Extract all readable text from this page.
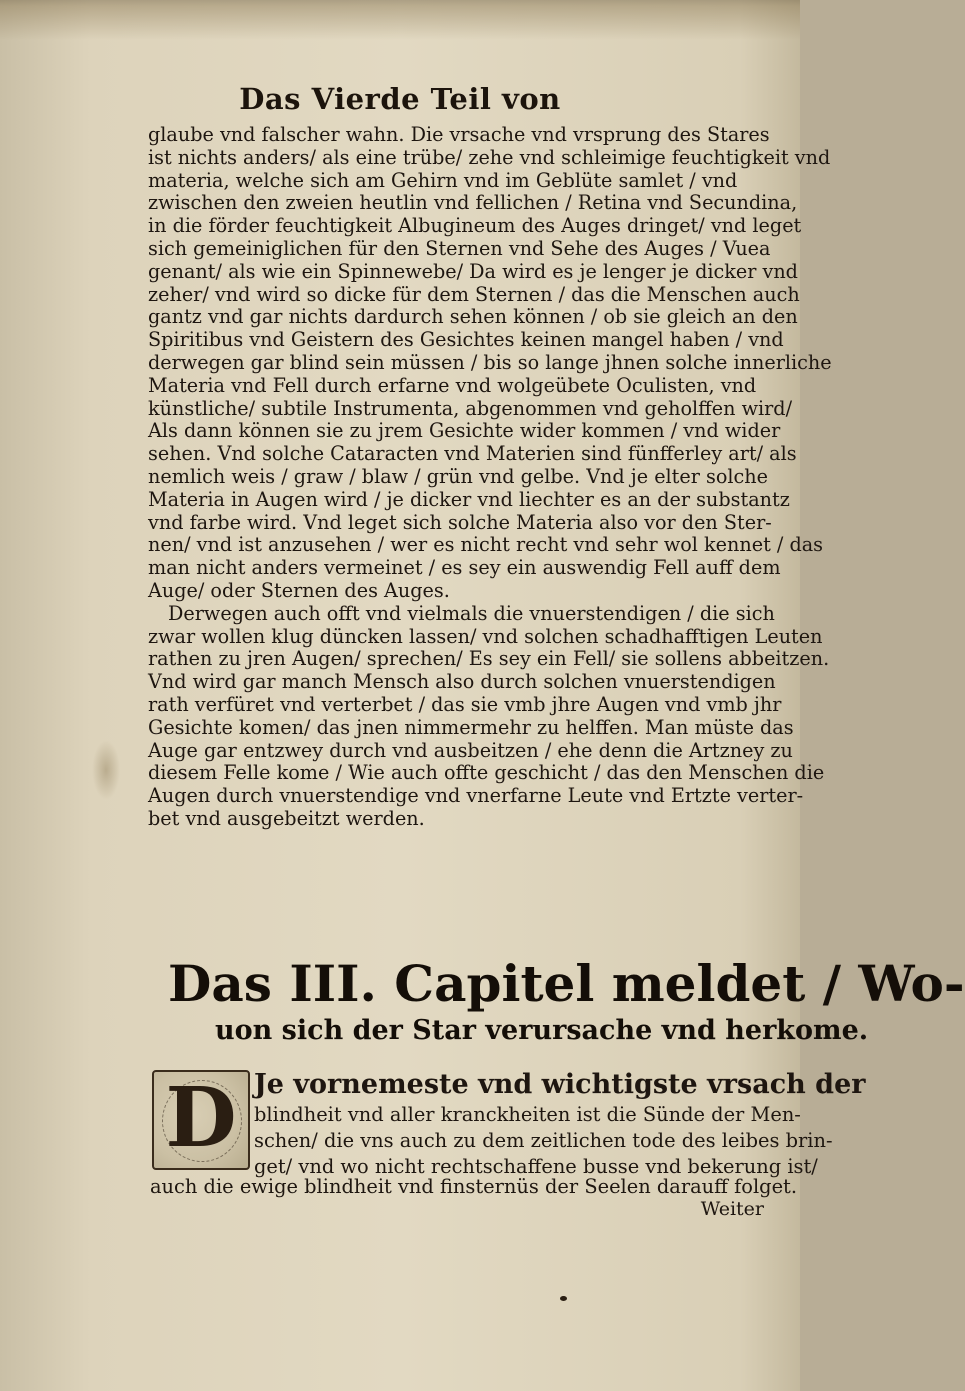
Das Vierde Teil von
glaube vnd falscher wahn. Die vrsache vnd vrsprung des Stares
ist nichts anders/ als eine trübe/ zehe vnd schleimige feuchtigkeit vnd
materia, welche sich am Gehirn vnd im Geblüte samlet / vnd
zwischen den zweien heutlin vnd fellichen / Retina vnd Secundina,
in die förder feuchtigkeit Albugineum des Auges dringet/ vnd leget
sich gemeiniglichen für den Sternen vnd Sehe des Auges / Vuea
genant/ als wie ein Spinnewebe/ Da wird es je lenger je dicker vnd
zeher/ vnd wird so dicke für dem Sternen / das die Menschen auch
gantz vnd gar nichts dardurch sehen können / ob sie gleich an den
Spiritibus vnd Geistern des Gesichtes keinen mangel haben / vnd
derwegen gar blind sein müssen / bis so lange jhnen solche innerliche
Materia vnd Fell durch erfarne vnd wolgeübete Oculisten, vnd
künstliche/ subtile Instrumenta, abgenommen vnd geholffen wird/
Als dann können sie zu jrem Gesichte wider kommen / vnd wider
sehen. Vnd solche Cataracten vnd Materien sind fünfferley art/ als
nemlich weis / graw / blaw / grün vnd gelbe. Vnd je elter solche
Materia in Augen wird / je dicker vnd liechter es an der substantz
vnd farbe wird. Vnd leget sich solche Materia also vor den Ster-
nen/ vnd ist anzusehen / wer es nicht recht vnd sehr wol kennet / das
man nicht anders vermeinet / es sey ein auswendig Fell auff dem
Auge/ oder Sternen des Auges.
Derwegen auch offt vnd vielmals die vnuerstendigen / die sich
zwar wollen klug düncken lassen/ vnd solchen schadhafftigen Leuten
rathen zu jren Augen/ sprechen/ Es sey ein Fell/ sie sollens abbeitzen.
Vnd wird gar manch Mensch also durch solchen vnuerstendigen
rath verfüret vnd verterbet / das sie vmb jhre Augen vnd vmb jhr
Gesichte komen/ das jnen nimmermehr zu helffen. Man müste das
Auge gar entzwey durch vnd ausbeitzen / ehe denn die Artzney zu
diesem Felle kome / Wie auch offte geschicht / das den Menschen die
Augen durch vnuerstendige vnd vnerfarne Leute vnd Ertzte verter-
bet vnd ausgebeitzt werden.
Das III. Capitel meldet / Wo-
uon sich der Star verursache vnd herkome.
D Je vornemeste vnd wichtigste vrsach der
blindheit vnd aller kranckheiten ist die Sünde der Men-
schen/ die vns auch zu dem zeitlichen tode des leibes brin-
get/ vnd wo nicht rechtschaffene busse vnd bekerung ist/
auch die ewige blindheit vnd finsternüs der Seelen darauff folget.
Weiter
